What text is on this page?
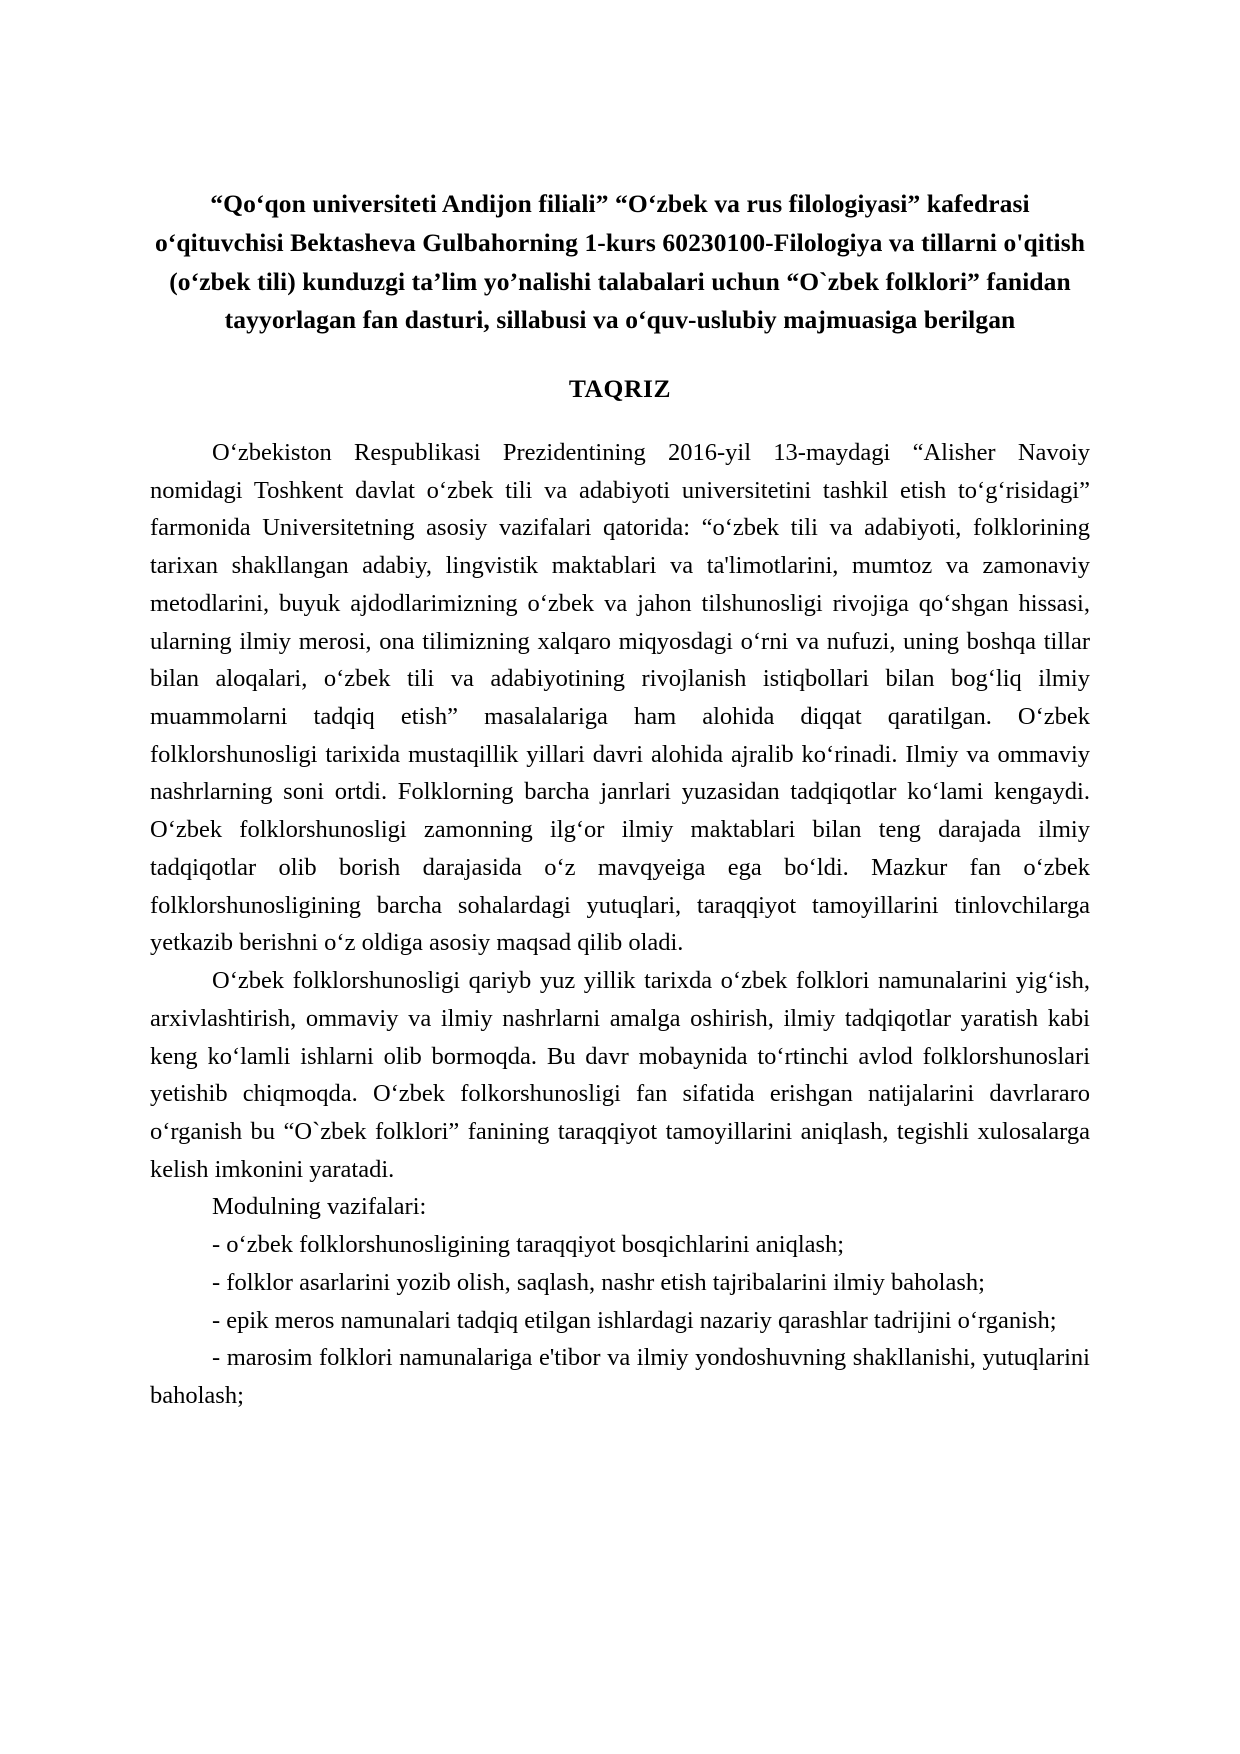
“Qo‘qon universiteti Andijon filiali” “O‘zbek va rus filologiyasi” kafedrasi o‘qituvchisi Bektasheva Gulbahorning 1-kurs 60230100-Filologiya va tillarni o'qitish (o‘zbek tili) kunduzgi ta’lim yo’nalishi talabalari uchun “O`zbek folklori” fanidan tayyorlagan fan dasturi, sillabusi va o‘quv-uslubiy majmuasiga berilgan
TAQRIZ

O‘zbekiston Respublikasi Prezidentining 2016-yil 13-maydagi “Alisher Navoiy nomidagi Toshkent davlat o‘zbek tili va adabiyoti universitetini tashkil etish to‘g‘risidagi” farmonida Universitetning asosiy vazifalari qatorida: “o‘zbek tili va adabiyoti, folklorining tarixan shakllangan adabiy, lingvistik maktablari va ta'limotlarini, mumtoz va zamonaviy metodlarini, buyuk ajdodlarimizning o‘zbek va jahon tilshunosligi rivojiga qo‘shgan hissasi, ularning ilmiy merosi, ona tilimizning xalqaro miqyosdagi o‘rni va nufuzi, uning boshqa tillar bilan aloqalari, o‘zbek tili va adabiyotining rivojlanish istiqbollari bilan bog‘liq ilmiy muammolarni tadqiq etish” masalalariga ham alohida diqqat qaratilgan. O‘zbek folklorshunosligi tarixida mustaqillik yillari davri alohida ajralib ko‘rinadi. Ilmiy va ommaviy nashrlarning soni ortdi. Folklorning barcha janrlari yuzasidan tadqiqotlar ko‘lami kengaydi. O‘zbek folklorshunosligi zamonning ilg‘or ilmiy maktablari bilan teng darajada ilmiy tadqiqotlar olib borish darajasida o‘z mavqyeiga ega bo‘ldi. Mazkur fan o‘zbek folklorshunosligining barcha sohalardagi yutuqlari, taraqqiyot tamoyillarini tinlovchilarga yetkazib berishni o‘z oldiga asosiy maqsad qilib oladi.

O‘zbek folklorshunosligi qariyb yuz yillik tarixda o‘zbek folklori namunalarini yig‘ish, arxivlashtirish, ommaviy va ilmiy nashrlarni amalga oshirish, ilmiy tadqiqotlar yaratish kabi keng ko‘lamli ishlarni olib bormoqda. Bu davr mobaynida to‘rtinchi avlod folklorshunoslari yetishib chiqmoqda. O‘zbek folkorshunosligi fan sifatida erishgan natijalarini davrlararo o‘rganish bu “O`zbek folklori” fanining taraqqiyot tamoyillarini aniqlash, tegishli xulosalarga kelish imkonini yaratadi.

Modulning vazifalari:

- o‘zbek folklorshunosligining taraqqiyot bosqichlarini aniqlash;

- folklor asarlarini yozib olish, saqlash, nashr etish tajribalarini ilmiy baholash;

- epik meros namunalari tadqiq etilgan ishlardagi nazariy qarashlar tadrijini o‘rganish;

- marosim folklori namunalariga e'tibor va ilmiy yondoshuvning shakllanishi, yutuqlarini baholash;
